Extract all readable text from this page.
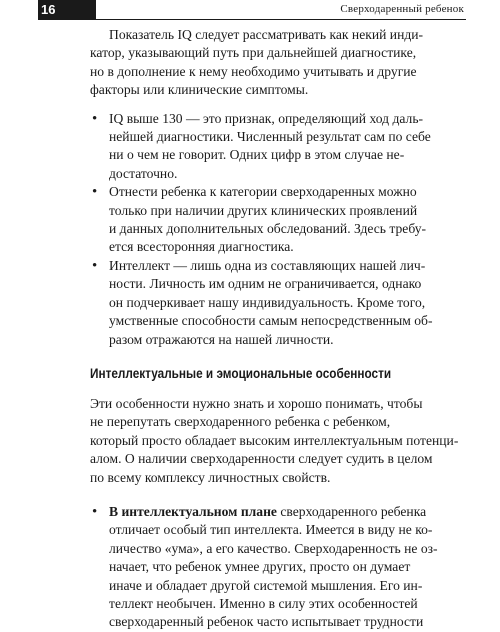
16	Сверходаренный ребенок

Показатель IQ следует рассматривать как некий инди-
катор, указывающий путь при дальнейшей диагностике,
но в дополнение к нему необходимо учитывать и другие
факторы или клинические симптомы.

• IQ выше 130 — это признак, определяющий ход даль-
нейшей диагностики. Численный результат сам по себе
ни о чем не говорит. Одних цифр в этом случае не-
достаточно.
• Отнести ребенка к категории сверходаренных можно
только при наличии других клинических проявлений
и данных дополнительных обследований. Здесь требу-
ется всесторонняя диагностика.
• Интеллект — лишь одна из составляющих нашей лич-
ности. Личность им одним не ограничивается, однако
он подчеркивает нашу индивидуальность. Кроме того,
умственные способности самым непосредственным об-
разом отражаются на нашей личности.
Интеллектуальные и эмоциональные особенности

Эти особенности нужно знать и хорошо понимать, чтобы
не перепутать сверходаренного ребенка с ребенком,
который просто обладает высоким интеллектуальным потенци-
алом. О наличии сверходаренности следует судить в целом
по всему комплексу личностных свойств.

• В интеллектуальном плане сверходаренного ребенка
отличает особый тип интеллекта. Имеется в виду не ко-
личество «ума», а его качество. Сверходаренность не оз-
начает, что ребенок умнее других, просто он думает
иначе и обладает другой системой мышления. Его ин-
теллект необычен. Именно в силу этих особенностей
сверходаренный ребенок часто испытывает трудности
